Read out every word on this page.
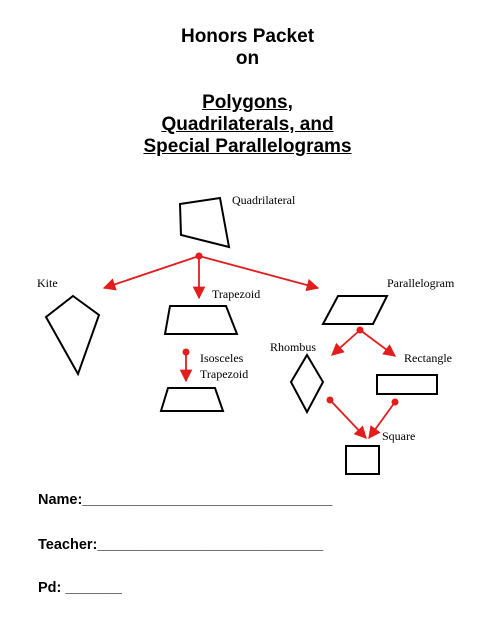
Honors Packet
on
Polygons,
Quadrilaterals, and
Special Parallelograms
Quadrilateral
Kite
Trapezoid
Parallelogram
Rhombus
Rectangle
Isosceles
Trapezoid
Square
Name:_______________________________
Teacher:____________________________
Pd: _______
